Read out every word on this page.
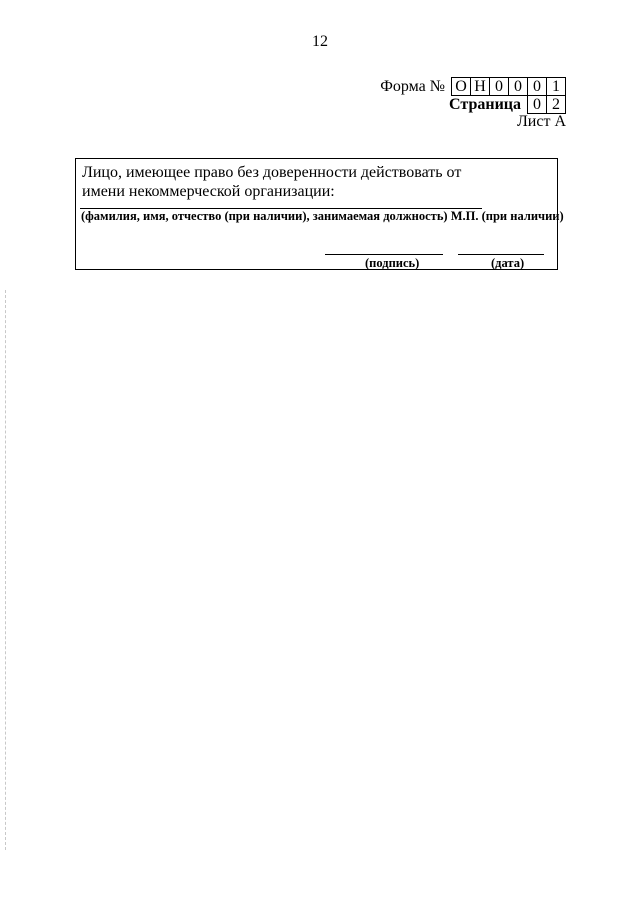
12
Форма № О Н 0 0 0 1
Страница 0 2
Лист А
Лицо, имеющее право без доверенности действовать от имени некоммерческой организации:
(фамилия, имя, отчество (при наличии), занимаемая должность) М.П. (при наличии)
(подпись)	(дата)
